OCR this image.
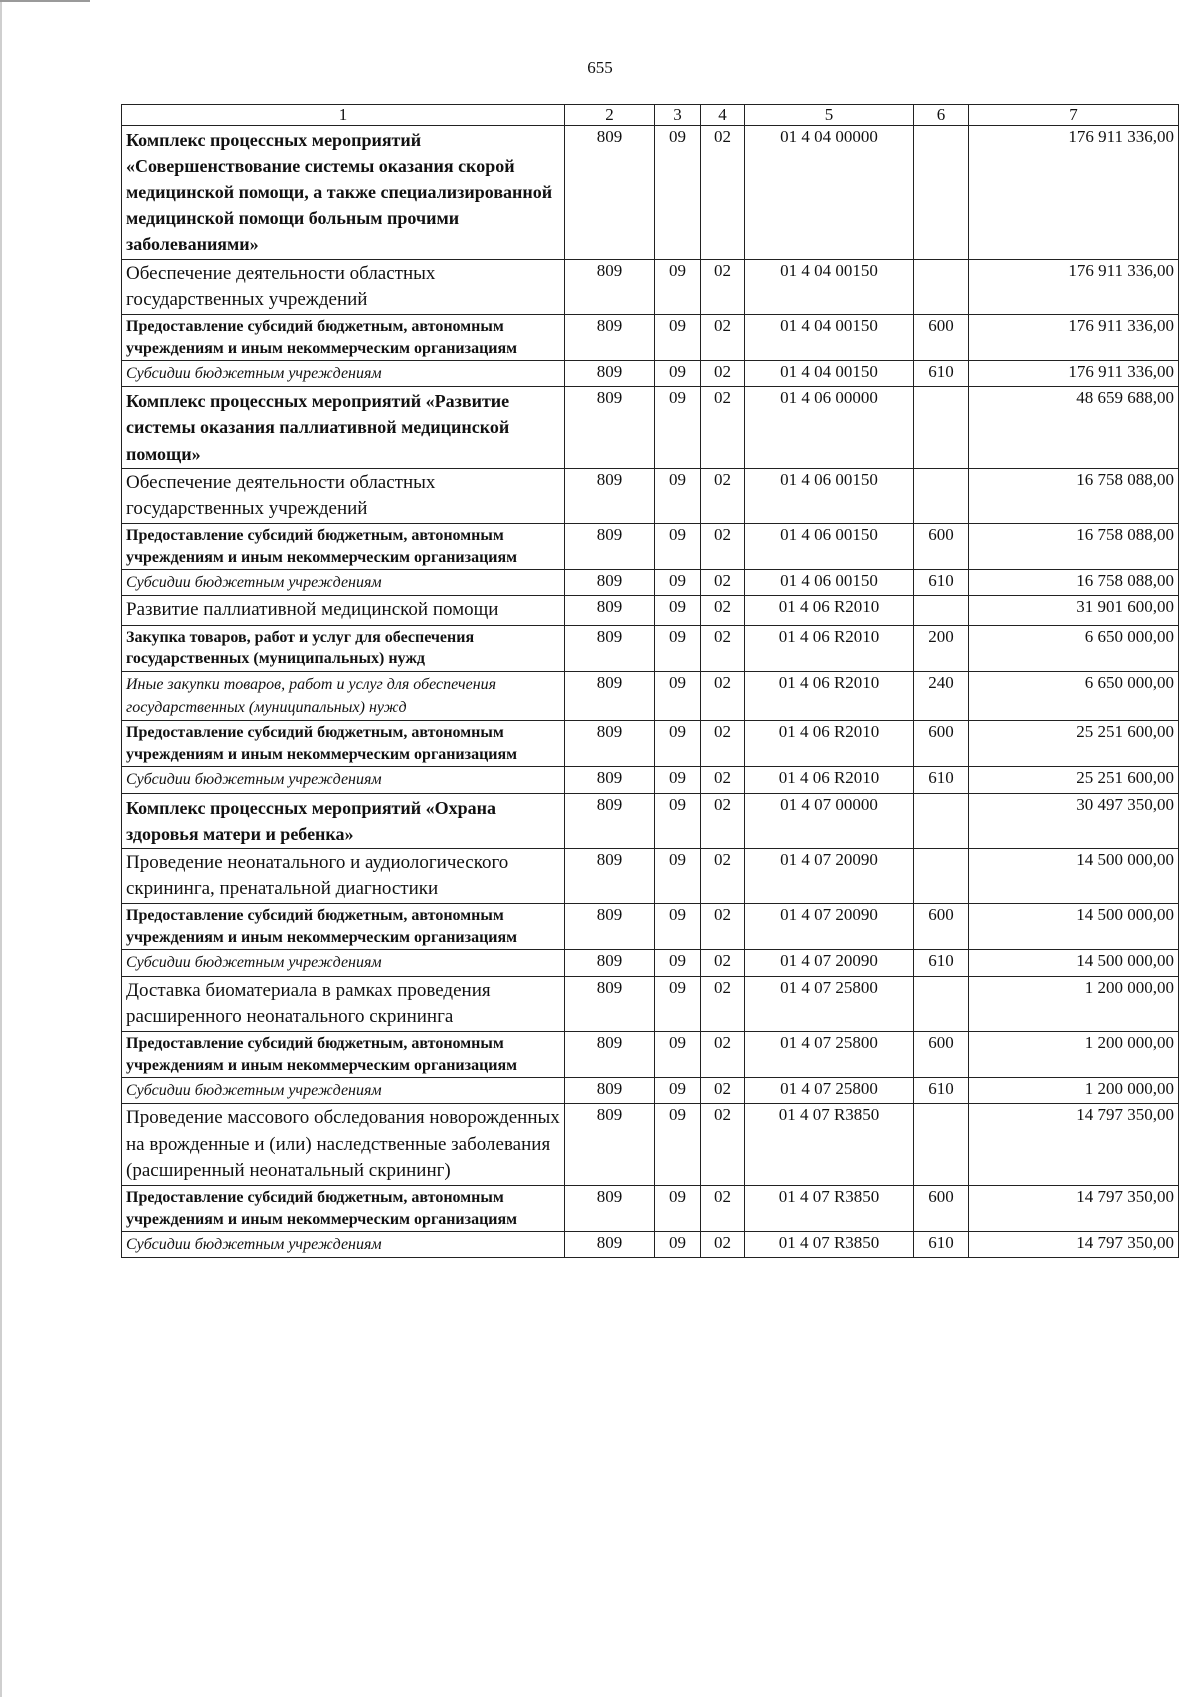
655
1	2	3	4	5	6	7
Комплекс процессных мероприятий «Совершенствование системы оказания скорой медицинской помощи, а также специализированной медицинской помощи больным прочими заболеваниями»	809	09	02	01 4 04 00000		176 911 336,00
Обеспечение деятельности областных государственных учреждений	809	09	02	01 4 04 00150		176 911 336,00
Предоставление субсидий бюджетным, автономным учреждениям и иным некоммерческим организациям	809	09	02	01 4 04 00150	600	176 911 336,00
Субсидии бюджетным учреждениям	809	09	02	01 4 04 00150	610	176 911 336,00
Комплекс процессных мероприятий «Развитие системы оказания паллиативной медицинской помощи»	809	09	02	01 4 06 00000		48 659 688,00
Обеспечение деятельности областных государственных учреждений	809	09	02	01 4 06 00150		16 758 088,00
Предоставление субсидий бюджетным, автономным учреждениям и иным некоммерческим организациям	809	09	02	01 4 06 00150	600	16 758 088,00
Субсидии бюджетным учреждениям	809	09	02	01 4 06 00150	610	16 758 088,00
Развитие паллиативной медицинской помощи	809	09	02	01 4 06 R2010		31 901 600,00
Закупка товаров, работ и услуг для обеспечения государственных (муниципальных) нужд	809	09	02	01 4 06 R2010	200	6 650 000,00
Иные закупки товаров, работ и услуг для обеспечения государственных (муниципальных) нужд	809	09	02	01 4 06 R2010	240	6 650 000,00
Предоставление субсидий бюджетным, автономным учреждениям и иным некоммерческим организациям	809	09	02	01 4 06 R2010	600	25 251 600,00
Субсидии бюджетным учреждениям	809	09	02	01 4 06 R2010	610	25 251 600,00
Комплекс процессных мероприятий «Охрана здоровья матери и ребенка»	809	09	02	01 4 07 00000		30 497 350,00
Проведение неонатального и аудиологического скрининга, пренатальной диагностики	809	09	02	01 4 07 20090		14 500 000,00
Предоставление субсидий бюджетным, автономным учреждениям и иным некоммерческим организациям	809	09	02	01 4 07 20090	600	14 500 000,00
Субсидии бюджетным учреждениям	809	09	02	01 4 07 20090	610	14 500 000,00
Доставка биоматериала в рамках проведения расширенного неонатального скрининга	809	09	02	01 4 07 25800		1 200 000,00
Предоставление субсидий бюджетным, автономным учреждениям и иным некоммерческим организациям	809	09	02	01 4 07 25800	600	1 200 000,00
Субсидии бюджетным учреждениям	809	09	02	01 4 07 25800	610	1 200 000,00
Проведение массового обследования новорожденных на врожденные и (или) наследственные заболевания (расширенный неонатальный скрининг)	809	09	02	01 4 07 R3850		14 797 350,00
Предоставление субсидий бюджетным, автономным учреждениям и иным некоммерческим организациям	809	09	02	01 4 07 R3850	600	14 797 350,00
Субсидии бюджетным учреждениям	809	09	02	01 4 07 R3850	610	14 797 350,00
